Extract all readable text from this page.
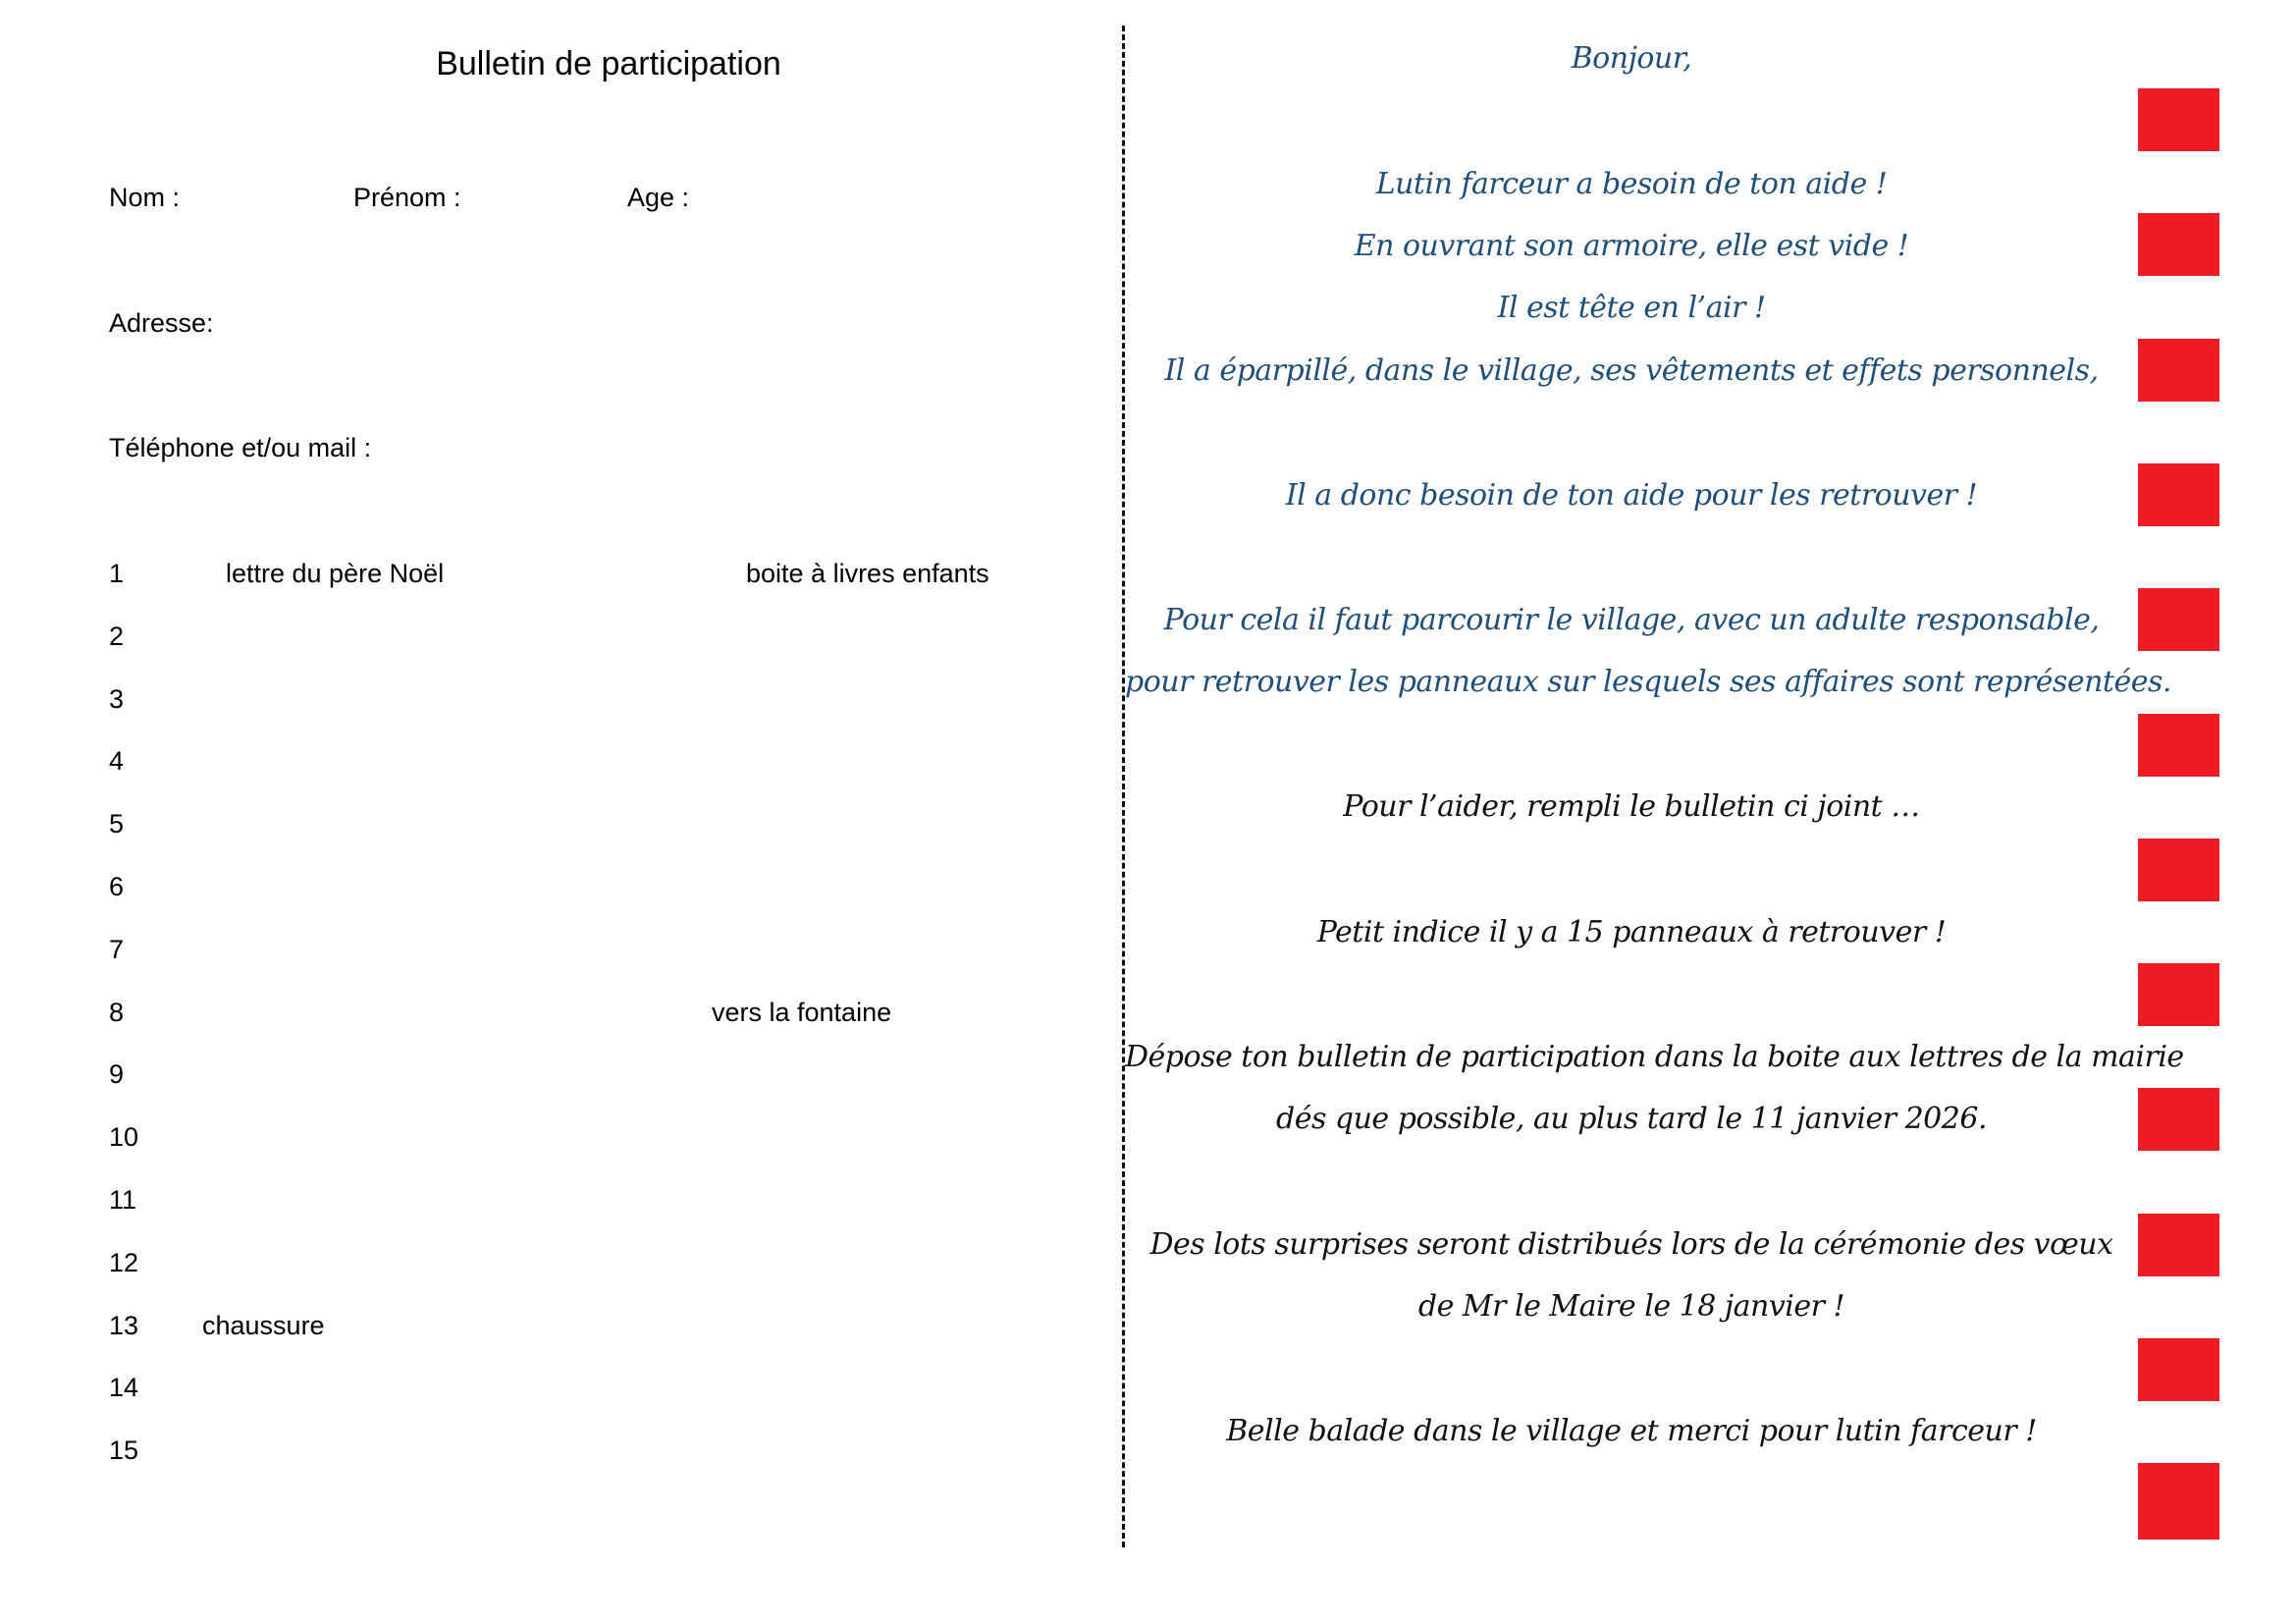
Bulletin de participation
Nom :	Prénom :	Age :
Adresse:
Téléphone et/ou mail :
1	lettre du père Noël	boite à livres enfants
2
3
4
5
6
7
8	vers la fontaine
9
10
11
12
13 chaussure
14
15
Bonjour,
Lutin farceur a besoin de ton aide !
En ouvrant son armoire, elle est vide !
Il est tête en l’air !
Il a éparpillé, dans le village, ses vêtements et effets personnels,
Il a donc besoin de ton aide pour les retrouver !
Pour cela il faut parcourir le village, avec un adulte responsable,
pour retrouver les panneaux sur lesquels ses affaires sont représentées.
Pour l’aider, rempli le bulletin ci joint …
Petit indice il y a 15 panneaux à retrouver !
Dépose ton bulletin de participation dans la boite aux lettres de la mairie
dés que possible, au plus tard le 11 janvier 2026.
Des lots surprises seront distribués lors de la cérémonie des vœux
de Mr le Maire le 18 janvier !
Belle balade dans le village et merci pour lutin farceur !
